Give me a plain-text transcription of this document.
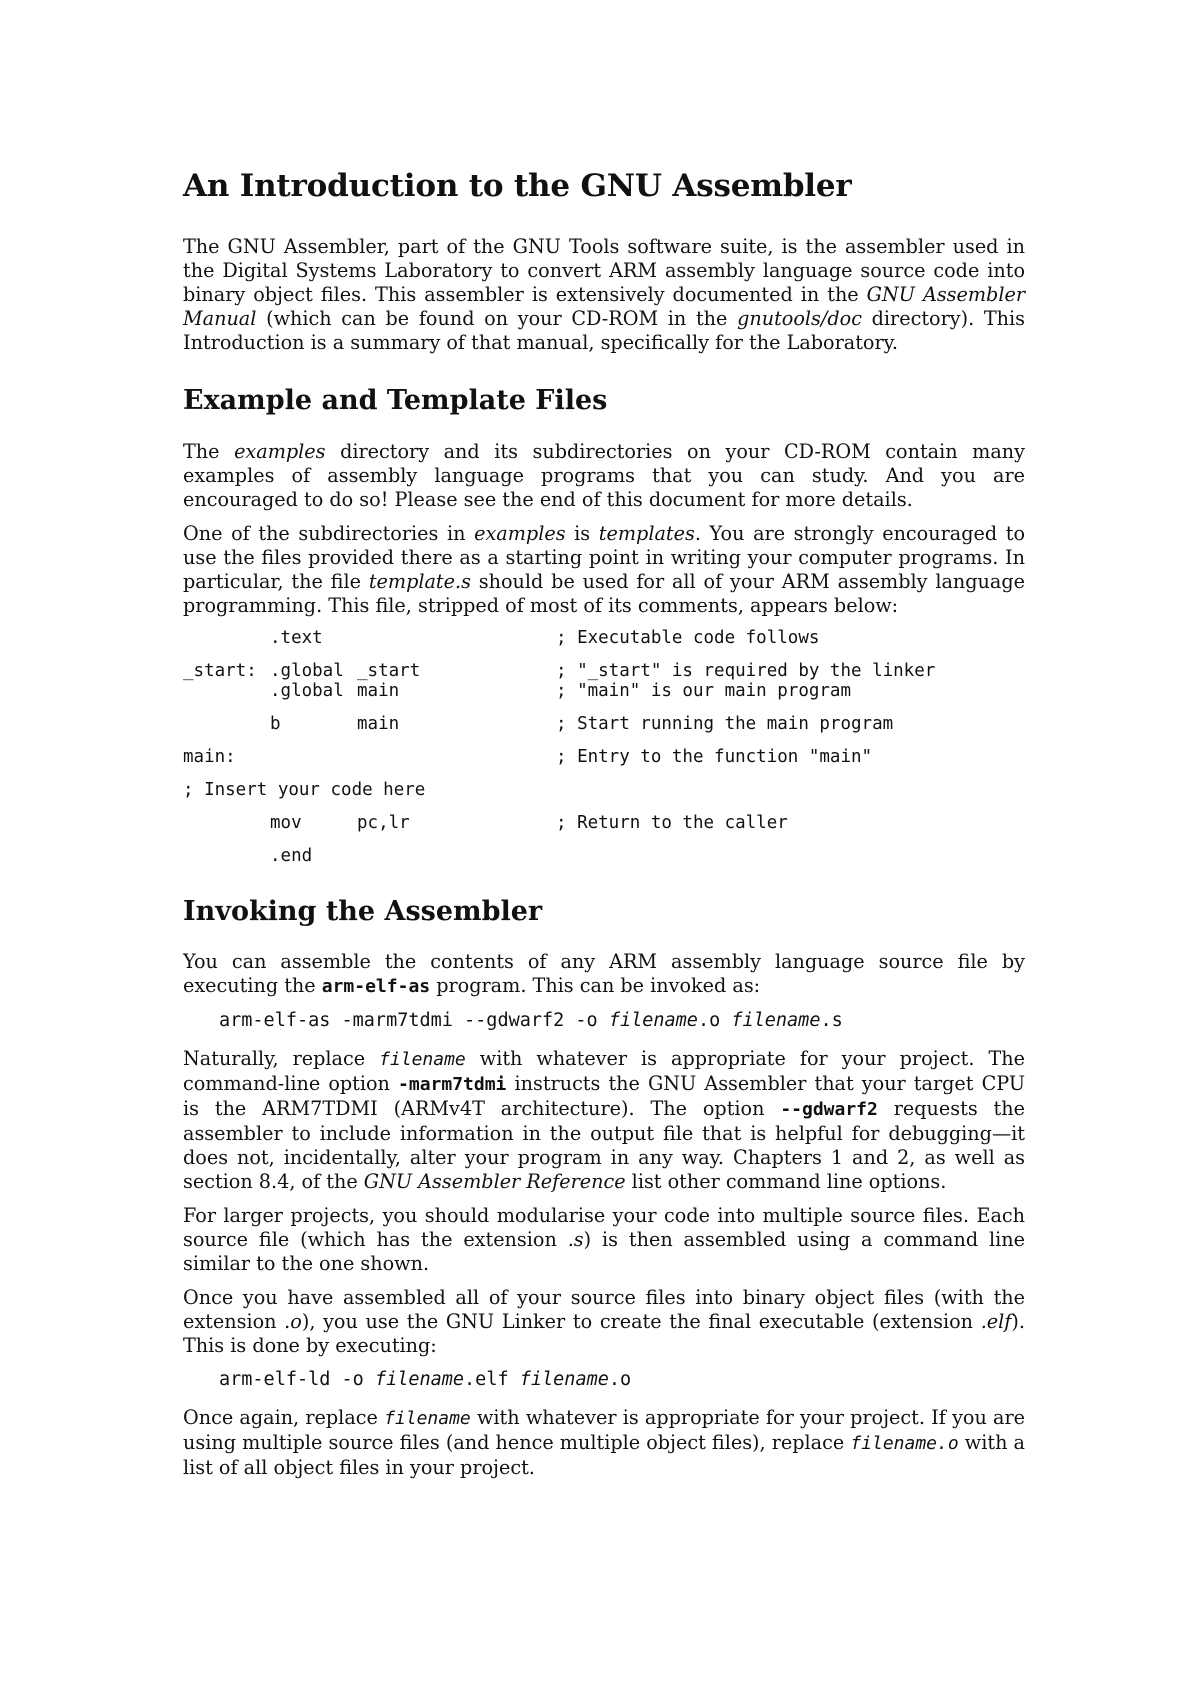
An Introduction to the GNU Assembler

The GNU Assembler, part of the GNU Tools software suite, is the assembler used in the Digital Systems Laboratory to convert ARM assembly language source code into binary object files. This assembler is extensively documented in the GNU Assembler Manual (which can be found on your CD-ROM in the gnutools/doc directory). This Introduction is a summary of that manual, specifically for the Laboratory.

Example and Template Files

The examples directory and its subdirectories on your CD-ROM contain many examples of assembly language programs that you can study. And you are encouraged to do so! Please see the end of this document for more details.

One of the subdirectories in examples is templates. You are strongly encouraged to use the files provided there as a starting point in writing your computer programs. In particular, the file template.s should be used for all of your ARM assembly language programming. This file, stripped of most of its comments, appears below:

.text	; Executable code follows
_start: .global _start	; "_start" is required by the linker
.global main	; "main" is our main program
b	main	; Start running the main program
main:	; Entry to the function "main"
; Insert your code here
mov	pc,lr	; Return to the caller
.end
Invoking the Assembler

You can assemble the contents of any ARM assembly language source file by executing the arm-elf-as program. This can be invoked as:

arm-elf-as -marm7tdmi --gdwarf2 -o filename.o filename.s

Naturally, replace filename with whatever is appropriate for your project. The command-line option -marm7tdmi instructs the GNU Assembler that your target CPU is the ARM7TDMI (ARMv4T architecture). The option --gdwarf2 requests the assembler to include information in the output file that is helpful for debugging—it does not, incidentally, alter your program in any way. Chapters 1 and 2, as well as section 8.4, of the GNU Assembler Reference list other command line options.

For larger projects, you should modularise your code into multiple source files. Each source file (which has the extension .s) is then assembled using a command line similar to the one shown.

Once you have assembled all of your source files into binary object files (with the extension .o), you use the GNU Linker to create the final executable (extension .elf). This is done by executing:

arm-elf-ld -o filename.elf filename.o

Once again, replace filename with whatever is appropriate for your project. If you are using multiple source files (and hence multiple object files), replace filename.o with a list of all object files in your project.
